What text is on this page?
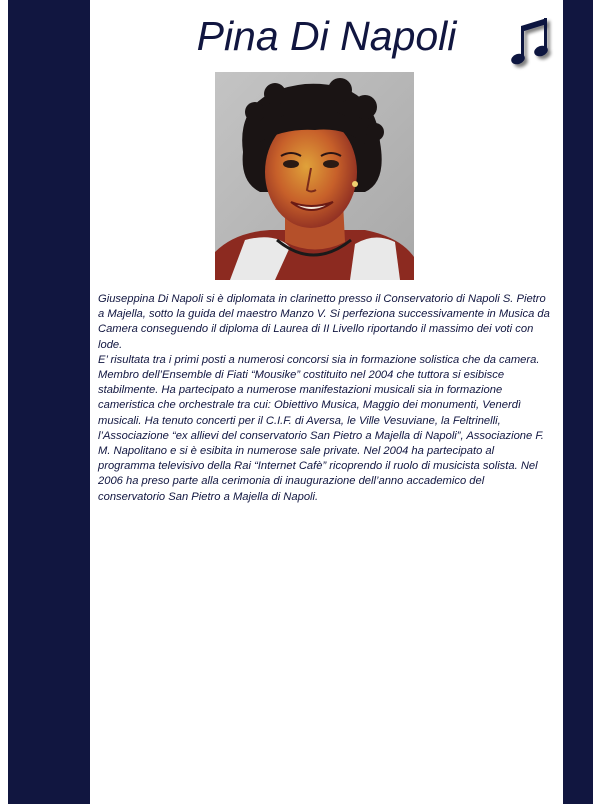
Pina Di Napoli

Giuseppina Di Napoli si è diplomata in clarinetto presso il Conservatorio di Napoli S. Pietro a Majella, sotto la guida del maestro Manzo V. Si perfeziona successivamente in Musica da Camera conseguendo il diploma di Laurea di II Livello riportando il massimo dei voti con lode.

E’ risultata tra i primi posti a numerosi concorsi sia in formazione solistica che da camera.

Membro dell’Ensemble di Fiati “Mousike” costituito nel 2004 che tuttora si esibisce stabilmente. Ha partecipato a numerose manifestazioni musicali sia in formazione cameristica che orchestrale tra cui: Obiettivo Musica, Maggio dei monumenti, Venerdì musicali. Ha tenuto concerti per il C.I.F. di Aversa, le Ville Vesuviane, la Feltrinelli, l’Associazione “ex allievi del conservatorio San Pietro a Majella di Napoli”, Associazione F. M. Napolitano e si è esibita in numerose sale private. Nel 2004 ha partecipato al programma televisivo della Rai “Internet Cafè” ricoprendo il ruolo di musicista solista. Nel 2006 ha preso parte alla cerimonia di inaugurazione dell’anno accademico del conservatorio San Pietro a Majella di Napoli.
